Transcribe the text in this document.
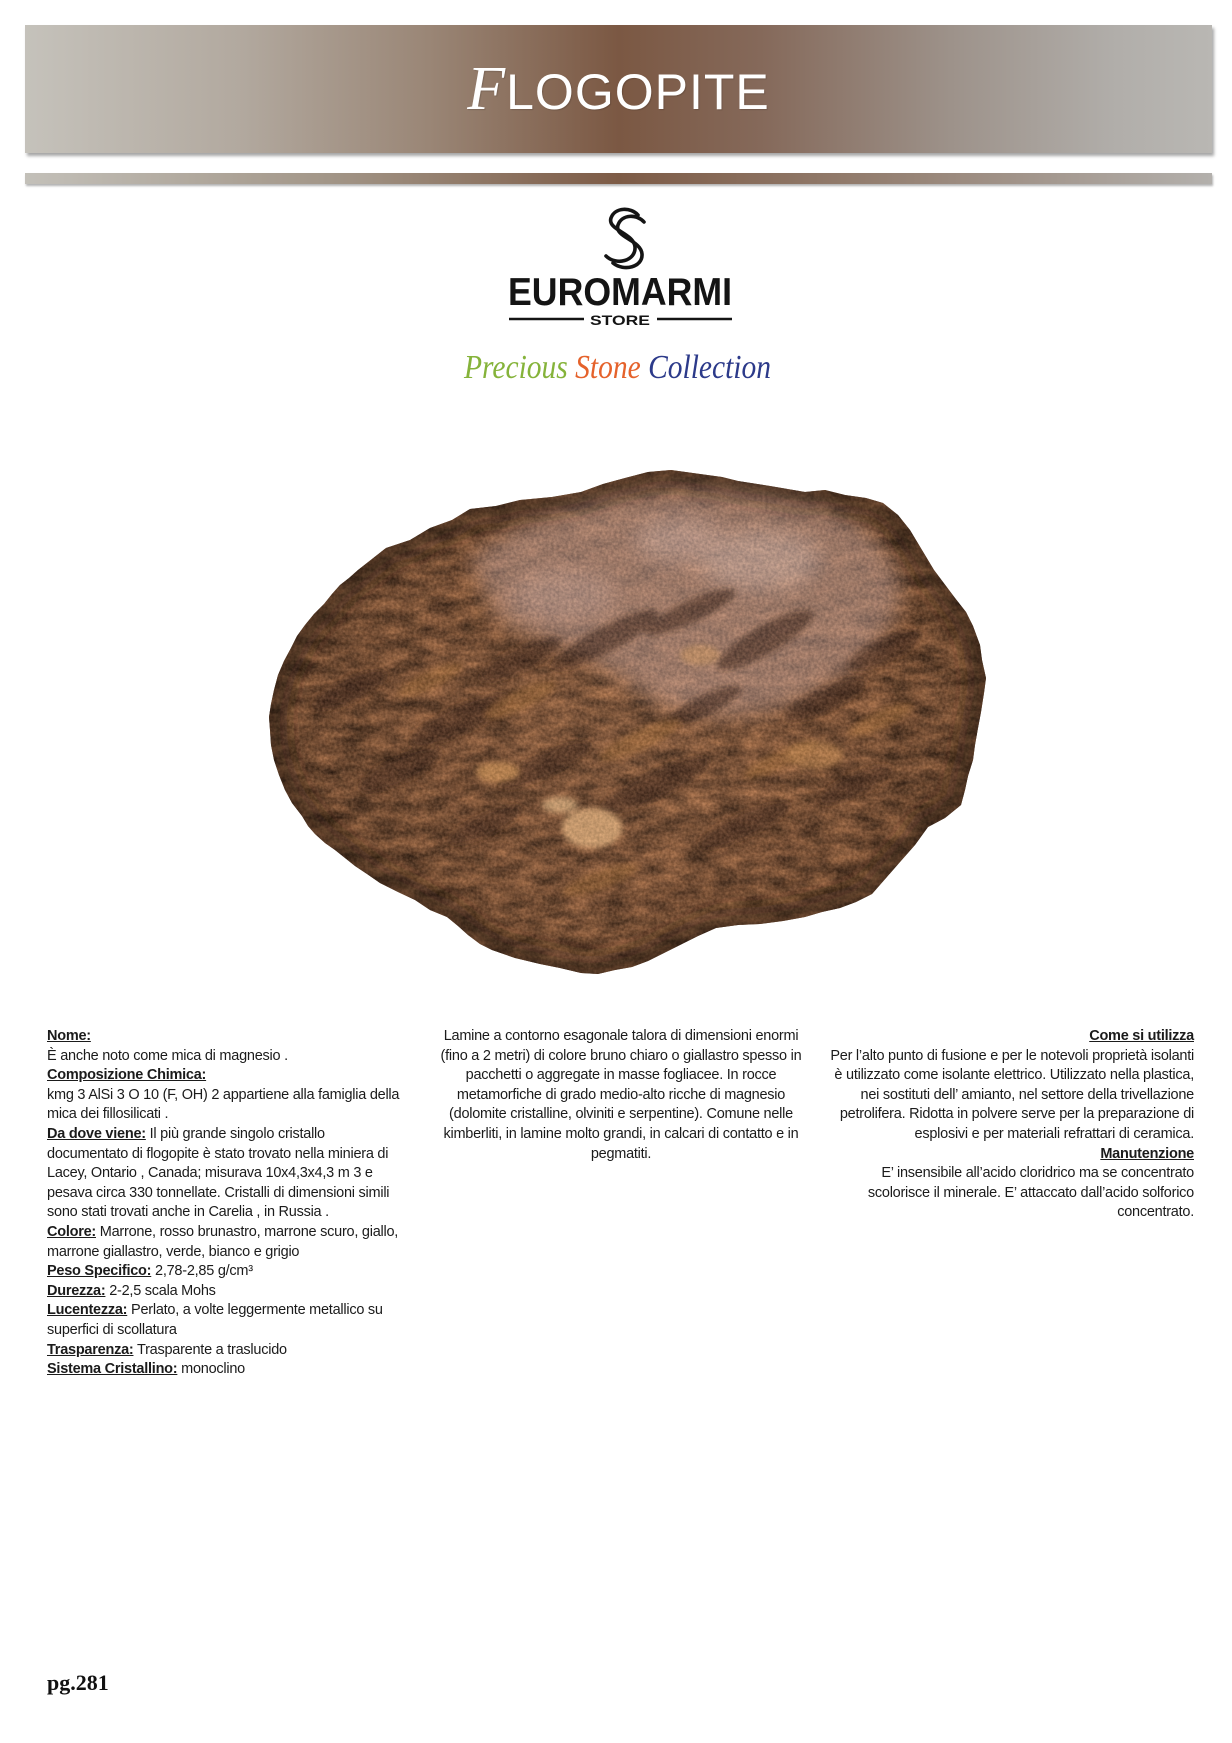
FLOGOPITE
EUROMARMI
STORE
Precious Stone Collection
Nome:
È anche noto come mica di magnesio .
Composizione Chimica:
kmg 3 AlSi 3 O 10 (F, OH) 2 appartiene alla famiglia della mica dei fillosilicati .
Da dove viene: Il più grande singolo cristallo documentato di flogopite è stato trovato nella miniera di Lacey, Ontario , Canada; misurava 10x4,3x4,3 m 3 e pesava circa 330 tonnellate. Cristalli di dimensioni simili sono stati trovati anche in Carelia , in Russia .
Colore: Marrone, rosso brunastro, marrone scuro, giallo, marrone giallastro, verde, bianco e grigio
Peso Specifico: 2,78-2,85 g/cm³
Durezza: 2-2,5 scala Mohs
Lucentezza: Perlato, a volte leggermente metallico su superfici di scollatura
Trasparenza: Trasparente a traslucido
Sistema Cristallino: monoclino
Lamine a contorno esagonale talora di dimensioni enormi (fino a 2 metri) di colore bruno chiaro o giallastro spesso in pacchetti o aggregate in masse fogliacee. In rocce metamorfiche di grado medio-alto ricche di magnesio (dolomite cristalline, olviniti e serpentine). Comune nelle kimberliti, in lamine molto grandi, in calcari di contatto e in pegmatiti.
Come si utilizza
Per l’alto punto di fusione e per le notevoli proprietà isolanti è utilizzato come isolante elettrico. Utilizzato nella plastica, nei sostituti dell’ amianto, nel settore della trivellazione petrolifera. Ridotta in polvere serve per la preparazione di esplosivi e per materiali refrattari di ceramica.
Manutenzione
E’ insensibile all’acido cloridrico ma se concentrato scolorisce il minerale. E’ attaccato dall’acido solforico concentrato.
pg.281
